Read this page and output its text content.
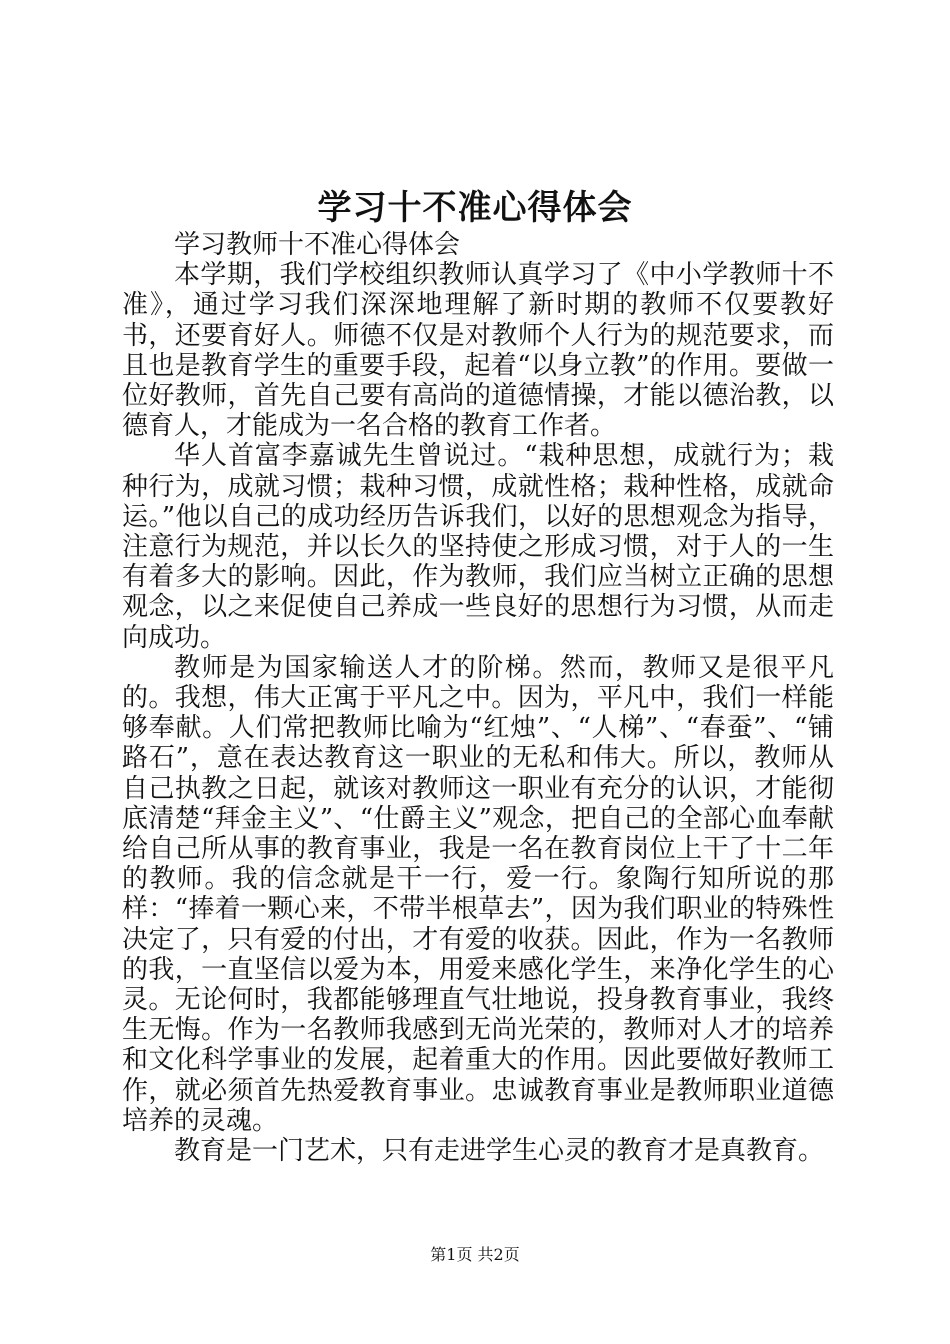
学习十不准心得体会

学习教师十不准心得体会

本学期，我们学校组织教师认真学习了《中小学教师十不准》，通过学习我们深深地理解了新时期的教师不仅要教好书，还要育好人。师德不仅是对教师个人行为的规范要求，而且也是教育学生的重要手段，起着“以身立教”的作用。要做一位好教师，首先自己要有高尚的道德情操，才能以德治教，以德育人，才能成为一名合格的教育工作者。

华人首富李嘉诚先生曾说过。“栽种思想，成就行为；栽种行为，成就习惯；栽种习惯，成就性格；栽种性格，成就命运。”他以自己的成功经历告诉我们，以好的思想观念为指导，注意行为规范，并以长久的坚持使之形成习惯，对于人的一生有着多大的影响。因此，作为教师，我们应当树立正确的思想观念，以之来促使自己养成一些良好的思想行为习惯，从而走向成功。

教师是为国家输送人才的阶梯。然而，教师又是很平凡的。我想，伟大正寓于平凡之中。因为，平凡中，我们一样能够奉献。人们常把教师比喻为“红烛”、“人梯”、“春蚕”、“铺路石”，意在表达教育这一职业的无私和伟大。所以，教师从自己执教之日起，就该对教师这一职业有充分的认识，才能彻底清楚“拜金主义”、“仕爵主义”观念，把自己的全部心血奉献给自己所从事的教育事业，我是一名在教育岗位上干了十二年的教师。我的信念就是干一行，爱一行。象陶行知所说的那样：“捧着一颗心来，不带半根草去”，因为我们职业的特殊性决定了，只有爱的付出，才有爱的收获。因此，作为一名教师的我，一直坚信以爱为本，用爱来感化学生，来净化学生的心灵。无论何时，我都能够理直气壮地说，投身教育事业，我终生无悔。作为一名教师我感到无尚光荣的，教师对人才的培养和文化科学事业的发展，起着重大的作用。因此要做好教师工作，就必须首先热爱教育事业。忠诚教育事业是教师职业道德培养的灵魂。

教育是一门艺术，只有走进学生心灵的教育才是真教育。

第1页 共2页
